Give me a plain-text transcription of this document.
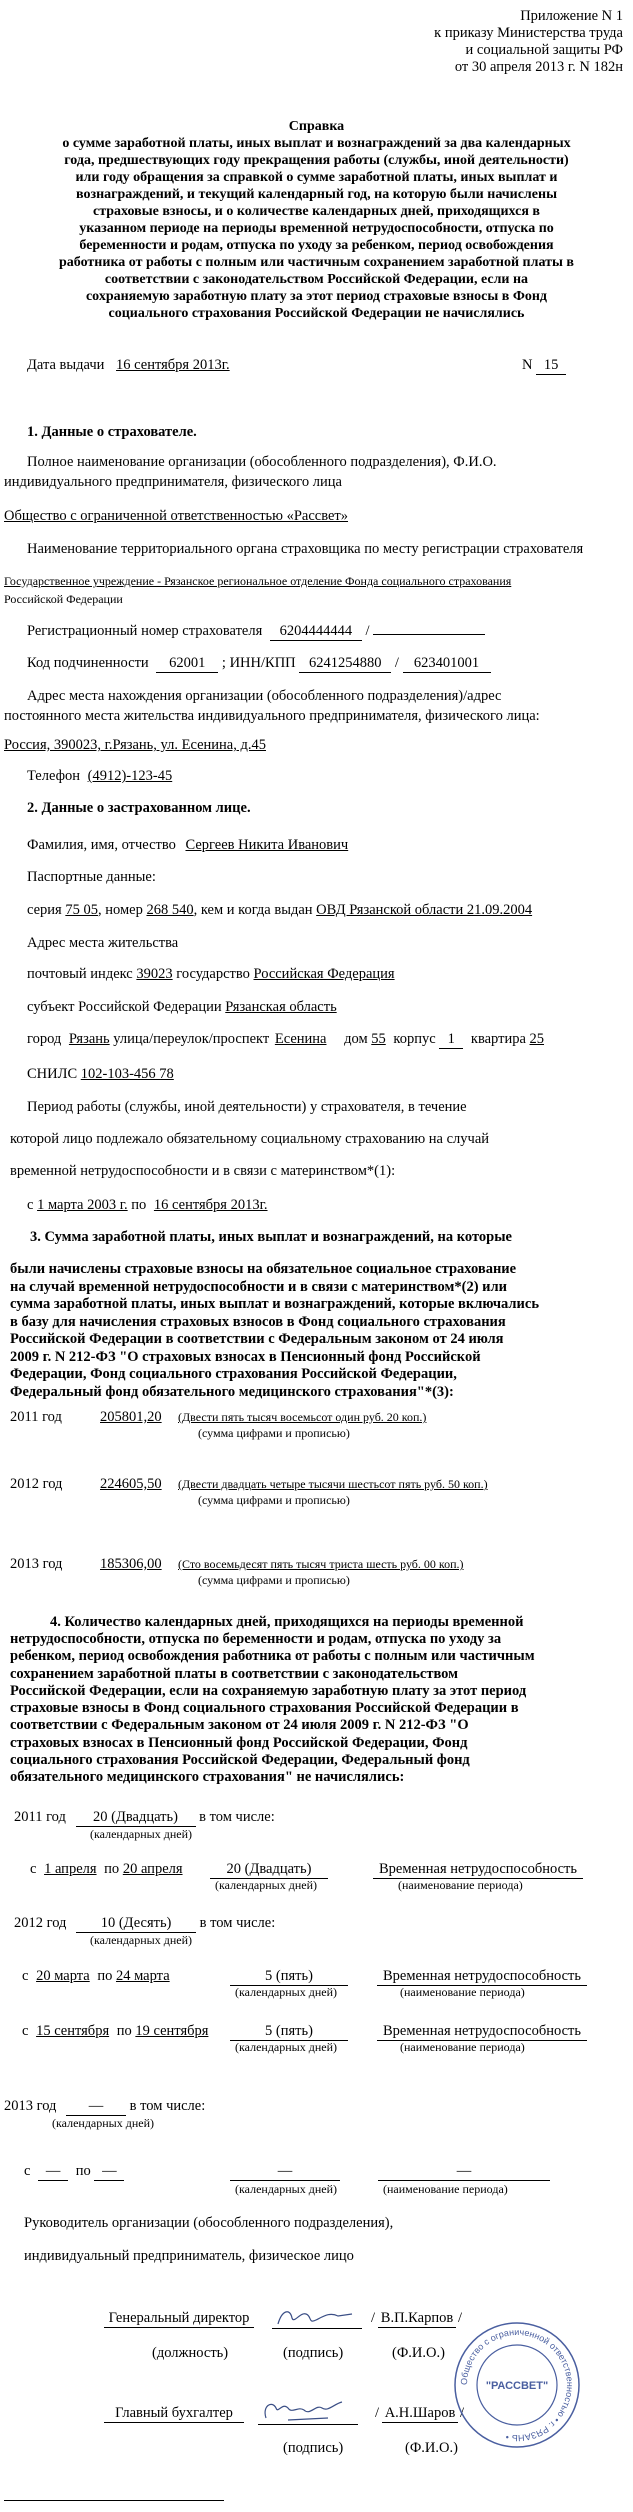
Приложение N 1
к приказу Министерства труда
и социальной защиты РФ
от 30 апреля 2013 г. N 182н
Справка
о сумме заработной платы, иных выплат и вознаграждений за два календарных
года, предшествующих году прекращения работы (службы, иной деятельности)
или году обращения за справкой о сумме заработной платы, иных выплат и
вознаграждений, и текущий календарный год, на которую были начислены
страховые взносы, и о количестве календарных дней, приходящихся в
указанном периоде на периоды временной нетрудоспособности, отпуска по
беременности и родам, отпуска по уходу за ребенком, период освобождения
работника от работы с полным или частичным сохранением заработной платы в
соответствии с законодательством Российской Федерации, если на
сохраняемую заработную плату за этот период страховые взносы в Фонд
социального страхования Российской Федерации не начислялись
Дата выдачи 16 сентября 2013г.	N 15
1. Данные о страхователе.
Полное наименование организации (обособленного подразделения), Ф.И.О.
индивидуального предпринимателя, физического лица
Общество с ограниченной ответственностью «Рассвет»
Наименование территориального органа страховщика по месту регистрации страхователя
Государственное учреждение - Рязанское региональное отделение Фонда социального страхования
Российской Федерации
Регистрационный номер страхователя 6204444444 /
Код подчиненности 62001 ; ИНН/КПП 6241254880 / 623401001
Адрес места нахождения организации (обособленного подразделения)/адрес
постоянного места жительства индивидуального предпринимателя, физического лица:
Россия, 390023, г.Рязань, ул. Есенина, д.45
Телефон (4912)-123-45
2. Данные о застрахованном лице.
Фамилия, имя, отчество Сергеев Никита Иванович
Паспортные данные:
серия 75 05, номер 268 540, кем и когда выдан ОВД Рязанской области 21.09.2004
Адрес места жительства
почтовый индекс 39023 государство Российская Федерация
субъект Российской Федерации Рязанская область
город Рязань улица/переулок/проспект Есенина дом 55 корпус 1 квартира 25
СНИЛС 102-103-456 78
Период работы (службы, иной деятельности) у страхователя, в течение
которой лицо подлежало обязательному социальному страхованию на случай
временной нетрудоспособности и в связи с материнством*(1):
с 1 марта 2003 г. по 16 сентября 2013г.
3. Сумма заработной платы, иных выплат и вознаграждений, на которые
были начислены страховые взносы на обязательное социальное страхование
на случай временной нетрудоспособности и в связи с материнством*(2) или
сумма заработной платы, иных выплат и вознаграждений, которые включались
в базу для начисления страховых взносов в Фонд социального страхования
Российской Федерации в соответствии с Федеральным законом от 24 июля
2009 г. N 212-ФЗ "О страховых взносах в Пенсионный фонд Российской
Федерации, Фонд социального страхования Российской Федерации,
Федеральный фонд обязательного медицинского страхования"*(3):
2011 год	205801,20 (Двести пять тысяч восемьсот один руб. 20 коп.)
(сумма цифрами и прописью)
2012 год	224605,50 (Двести двадцать четыре тысячи шестьсот пять руб. 50 коп.)
(сумма цифрами и прописью)
2013 год	185306,00 (Сто восемьдесят пять тысяч триста шесть руб. 00 коп.)
(сумма цифрами и прописью)
4. Количество календарных дней, приходящихся на периоды временной
нетрудоспособности, отпуска по беременности и родам, отпуска по уходу за
ребенком, период освобождения работника от работы с полным или частичным
сохранением заработной платы в соответствии с законодательством
Российской Федерации, если на сохраняемую заработную плату за этот период
страховые взносы в Фонд социального страхования Российской Федерации в
соответствии с Федеральным законом от 24 июля 2009 г. N 212-ФЗ "О
страховых взносах в Пенсионный фонд Российской Федерации, Фонд
социального страхования Российской Федерации, Федеральный фонд
обязательного медицинского страхования" не начислялись:
2011 год 20 (Двадцать) в том числе:
(календарных дней)
с 1 апреля по 20 апреля	20 (Двадцать)
(календарных дней)
Временная нетрудоспособность
(наименование периода)
2012 год 10 (Десять) в том числе:
(календарных дней)
с 20 марта по 24 марта	5 (пять)
(календарных дней)
Временная нетрудоспособность
(наименование периода)
с 15 сентября по 19 сентября	5 (пять)
(календарных дней)
Временная нетрудоспособность
(наименование периода)
2013 год — в том числе:
(календарных дней)
с — по —	—
(календарных дней)
—
(наименование периода)
Руководитель организации (обособленного подразделения),
индивидуальный предприниматель, физическое лицо
Генеральный директор	/ В.П.Карпов /
(должность)	(подпись)	(Ф.И.О.)
Главный бухгалтер	/ А.Н.Шаров /
(подпись)	(Ф.И.О.)
Общество с ограниченной ответственностью • г. РЯЗАНЬ •
"РАССВЕТ"
